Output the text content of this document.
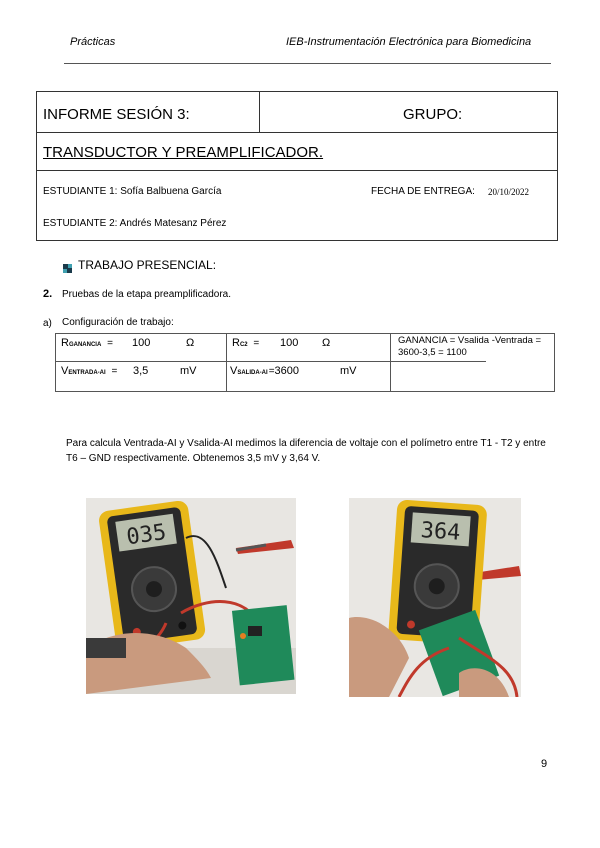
Prácticas	IEB-Instrumentación Electrónica para Biomedicina
INFORME SESIÓN 3:	GRUPO:
TRANSDUCTOR Y PREAMPLIFICADOR.
ESTUDIANTE 1: Sofía Balbuena García	FECHA DE ENTREGA: 20/10/2022
ESTUDIANTE 2: Andrés Matesanz Pérez
TRABAJO PRESENCIAL:
2. Pruebas de la etapa preamplificadora.
a) Configuración de trabajo:
RGANANCIA = 100	Ω	RC2 = 100 Ω	GANANCIA = Vsalida -Ventrada = 3600-3,5 = 1100
VENTRADA-AI = 3,5	mV	VSALIDA-AI=3600	mV
Para calcula Ventrada-AI y Vsalida-AI medimos la diferencia de voltaje con el polímetro entre T1 - T2 y entre T6 – GND respectivamente. Obtenemos 3,5 mV y 3,64 V.
035	364
9
